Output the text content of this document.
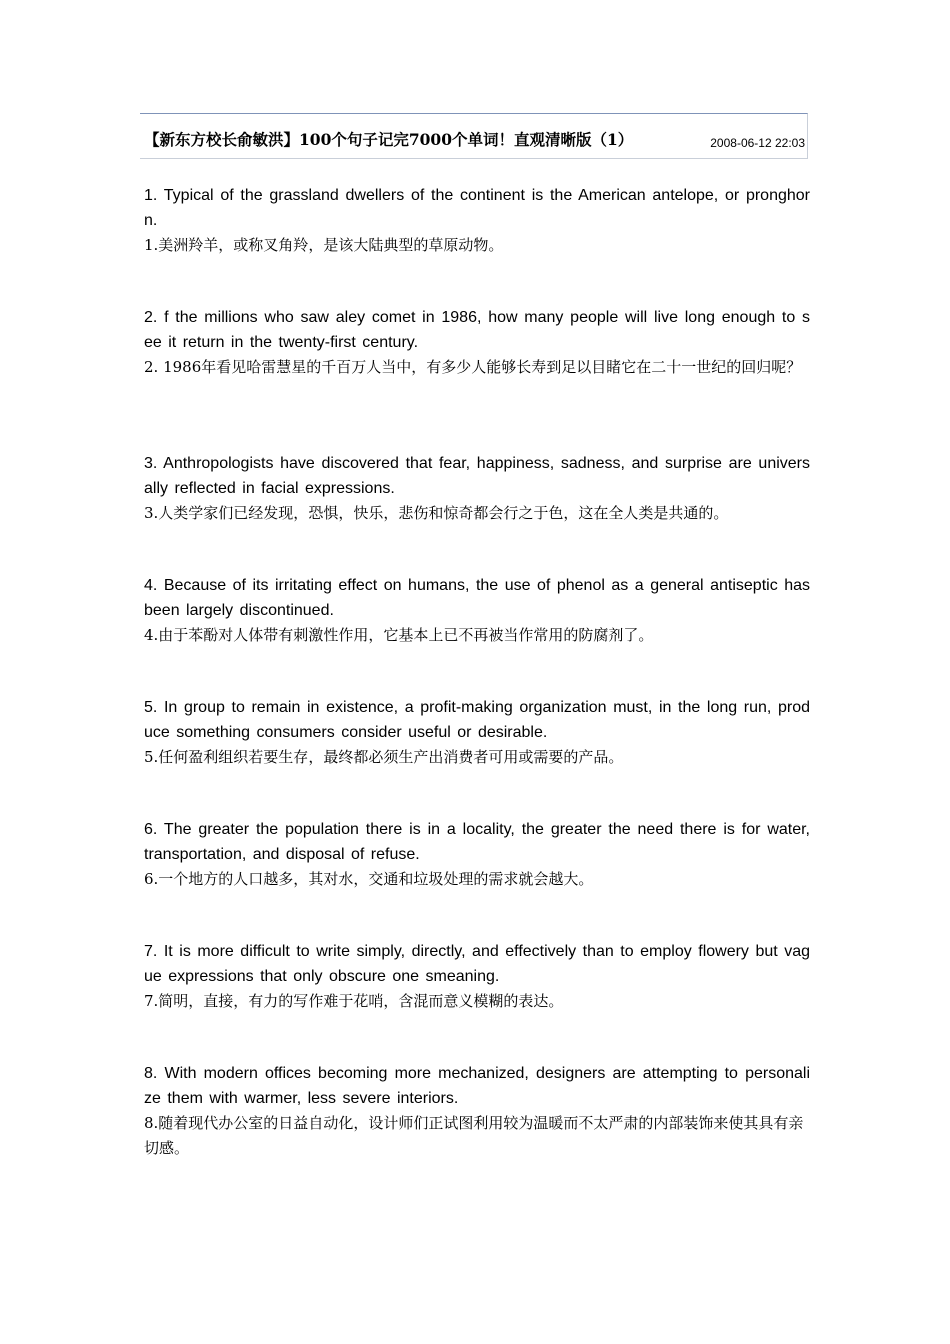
【新东方校长俞敏洪】100个句子记完7000个单词！直观清晰版（1）	2008-06-12 22:03

1. Typical of the grassland dwellers of the continent is the American antelope, or pronghorn.

1.美洲羚羊，或称叉角羚，是该大陆典型的草原动物。

2. f the millions who saw aley comet in 1986, how many people will live long enough to see it return in the twenty-first century.

2. 1986年看见哈雷慧星的千百万人当中，有多少人能够长寿到足以目睹它在二十一世纪的回归呢？

3. Anthropologists have discovered that fear, happiness, sadness, and surprise are universally reflected in facial expressions.

3.人类学家们已经发现，恐惧，快乐，悲伤和惊奇都会行之于色，这在全人类是共通的。

4. Because of its irritating effect on humans, the use of phenol as a general antiseptic has been largely discontinued.

4.由于苯酚对人体带有刺激性作用，它基本上已不再被当作常用的防腐剂了。

5. In group to remain in existence, a profit-making organization must, in the long run, produce something consumers consider useful or desirable.

5.任何盈利组织若要生存，最终都必须生产出消费者可用或需要的产品。

6. The greater the population there is in a locality, the greater the need there is for water, transportation, and disposal of refuse.

6.一个地方的人口越多，其对水，交通和垃圾处理的需求就会越大。

7. It is more difficult to write simply, directly, and effectively than to employ flowery but vague expressions that only obscure one smeaning.

7.简明，直接，有力的写作难于花哨，含混而意义模糊的表达。

8. With modern offices becoming more mechanized, designers are attempting to personalize them with warmer, less severe interiors.

8.随着现代办公室的日益自动化，设计师们正试图利用较为温暖而不太严肃的内部装饰来使其具有亲切感。
